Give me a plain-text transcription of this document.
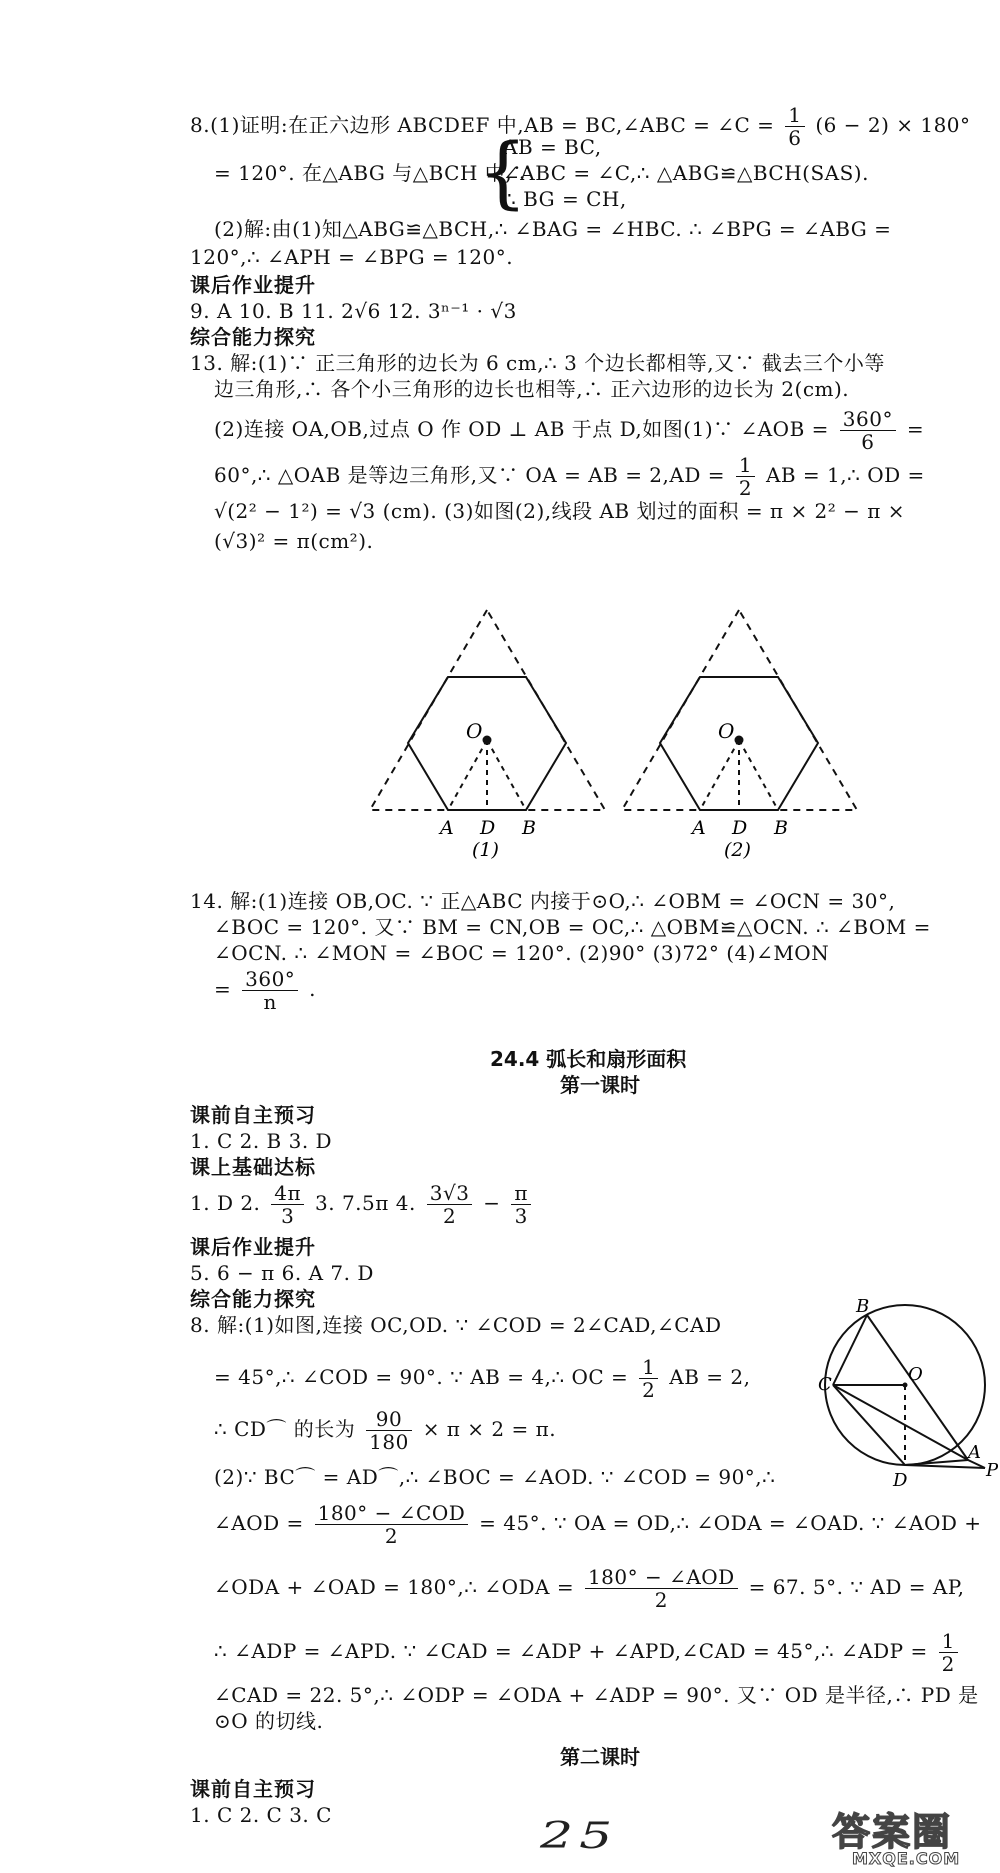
8.(1)证明:在正六边形 ABCDEF 中,AB = BC,∠ABC = ∠C = $\frac{1}{6} (6 - 2) \times 180^\circ$
= 120°. 在△ABG 与△BCH 中,∵
{
AB = BC,
∠ABC = ∠C,∴ △ABG≌△BCH(SAS).
∴ BG = CH,
(2)解:由(1)知△ABG≌△BCH,∴ ∠BAG = ∠HBC. ∴ ∠BPG = ∠ABG =
120°,∴ ∠APH = ∠BPG = 120°.
课后作业提升
9. A 10. B 11. 2√6 12. 3ⁿ⁻¹ · √3
综合能力探究
13. 解:(1)∵ 正三角形的边长为 6 cm,∴ 3 个边长都相等,又∵ 截去三个小等
边三角形,∴ 各个小三角形的边长也相等,∴ 正六边形的边长为 2(cm).
(2)连接 OA,OB,过点 O 作 OD ⊥ AB 于点 D,如图(1)∵ ∠AOB = $\frac{360^\circ}{6}$ =
60°,∴ △OAB 是等边三角形,又∵ OA = AB = $2,AD = \frac{1}{2}$ AB = 1,∴ OD =
√(2² − 1²) = √3 (cm). (3)如图(2),线段 AB 划过的面积 = π × 2² − π ×
(√3)² = π(cm²).
O
A D B
(1)
O
A D B
(2)
14. 解:(1)连接 OB,OC. ∵ 正△ABC 内接于⊙O,∴ ∠OBM = ∠OCN = 30°,
∠BOC = 120°. 又∵ BM = CN,OB = OC,∴ △OBM≌△OCN. ∴ ∠BOM =
∠OCN. ∴ ∠MON = ∠BOC = 120°. (2)90° (3)72° (4)∠MON
= $\frac{360^\circ}{n}$ .
24.4 弧长和扇形面积
第一课时
课前自主预习
1. C 2. B 3. D
课上基础达标
1. D 2. $\frac{4\pi}{3} 3$. 7.5π 4. $\frac{3√3}{2} - \frac{\pi}{3}$
课后作业提升
5. 6 − π 6. A 7. D
综合能力探究
8. 解:(1)如图,连接 OC,OD. ∵ ∠COD = 2∠CAD,∠CAD
= 45°,∴ ∠COD = 90°. ∵ AB = 4,∴ OC = $\frac{1}{2}$ AB = 2,
∴ CD⌒ 的长为 $\frac{90}{180} \times \pi \times 2 = \pi$.
B
C	O
A
D	P
(2)∵ BC⌒ = AD⌒,∴ ∠BOC = ∠AOD. ∵ ∠COD = 90°,∴
∠AOD = 180° − ∠COD
2
= 45°. ∵ OA = OD,∴ ∠ODA = ∠OAD. ∵ ∠AOD +
∠ODA + ∠OAD = 180°,∴ ∠ODA = 180° − ∠AOD
2
= 67. 5°. ∵ AD = AP,
∴ ∠ADP = ∠APD. ∵ ∠CAD = ∠ADP + ∠APD,∠CAD = 45°,∴ ∠ADP = $\frac{1}{2}$
∠CAD = 22. 5°,∴ ∠ODP = ∠ODA + ∠ADP = 90°. 又∵ OD 是半径,∴ PD 是
⊙O 的切线.
第二课时
课前自主预习
1. C 2. C 3. C
25	答案圈
MXQE.COM
